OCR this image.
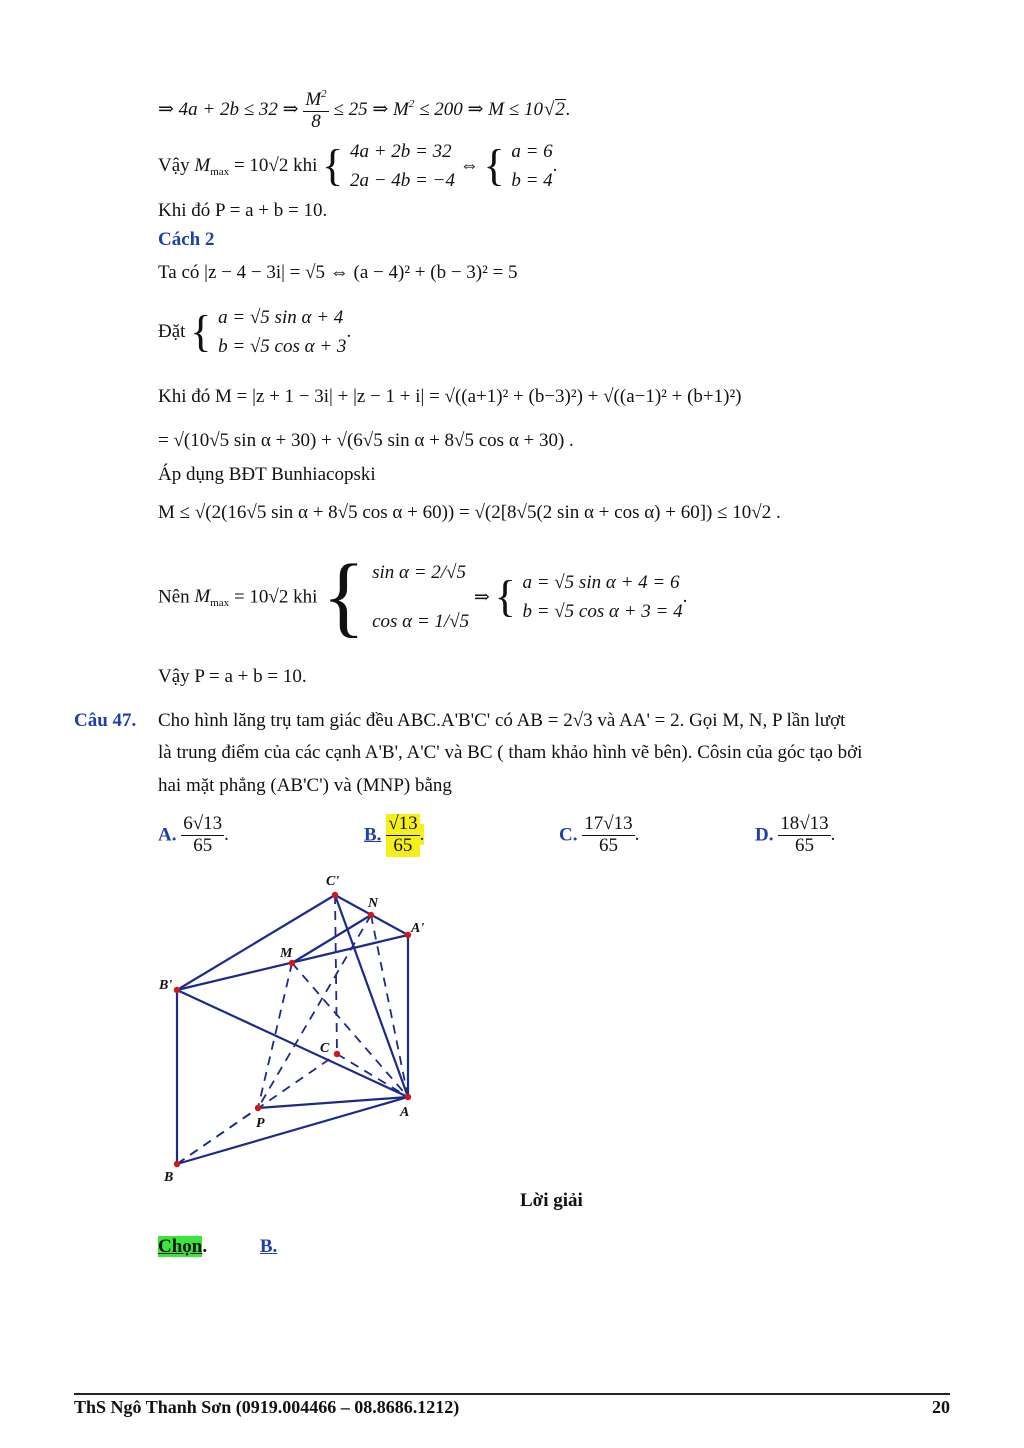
⇒ 4a + 2b ≤ 32 ⇒ $\frac{M^2}{8} \le 25$ ⇒ $M^2 \le 200$ ⇒ M ≤ 10√ 2.
Vậy $M_{max} = 10√2$ khi { 4a + 2b = 32
2a − 4b = −4 ⇔ { a = 6
b = 4.
Khi đó P = a + b = 10.
Cách 2
Ta có |z − 4 − 3i| = √5 ⇔ (a − 4)² + (b − 3)² = 5
Đặt { a = √5 sin α + 4
b = √5 cos α + 3.
Khi đó M = |z + 1 − 3i| + |z − 1 + i| = √((a+1)² + (b−3)²) + √((a−1)² + (b+1)²)
= √(10√5 sin α + 30) + √(6√5 sin α + 8√5 cos α + 30) .
Áp dụng BĐT Bunhiacopski
M ≤ √(2(16√5 sin α + 8√5 cos α + 60)) = √(2[8√5(2 sin α + cos α) + 60]) ≤ 10√2 .
Nên $M_{max} = 10√2$ khi { sin α = 2/√5
cos α = 1/√5 ⇒ { a = √5 sin α + 4 = 6
b = √5 cos α + 3 = 4.
Vậy P = a + b = 10.
Câu 47. Cho hình lăng trụ tam giác đều ABC.A'B'C' có AB = 2√3 và AA' = 2. Gọi M, N, P lần lượt
là trung điểm của các cạnh A'B', A'C' và BC ( tham khảo hình vẽ bên). Côsin của góc tạo bởi
hai mặt phẳng (AB'C') và (MNP) bằng
A. $\frac{6√13}{65}$ .	B. $\frac{√13}{65}$ .	C. $\frac{17√13}{65}$ .	D. $\frac{18√13}{65}$ .
C'
N
A'
M
B'
C
A
P
B
Lời giải
Chọn.	B.
ThS Ngô Thanh Sơn (0919.004466 – 08.8686.1212)	20
